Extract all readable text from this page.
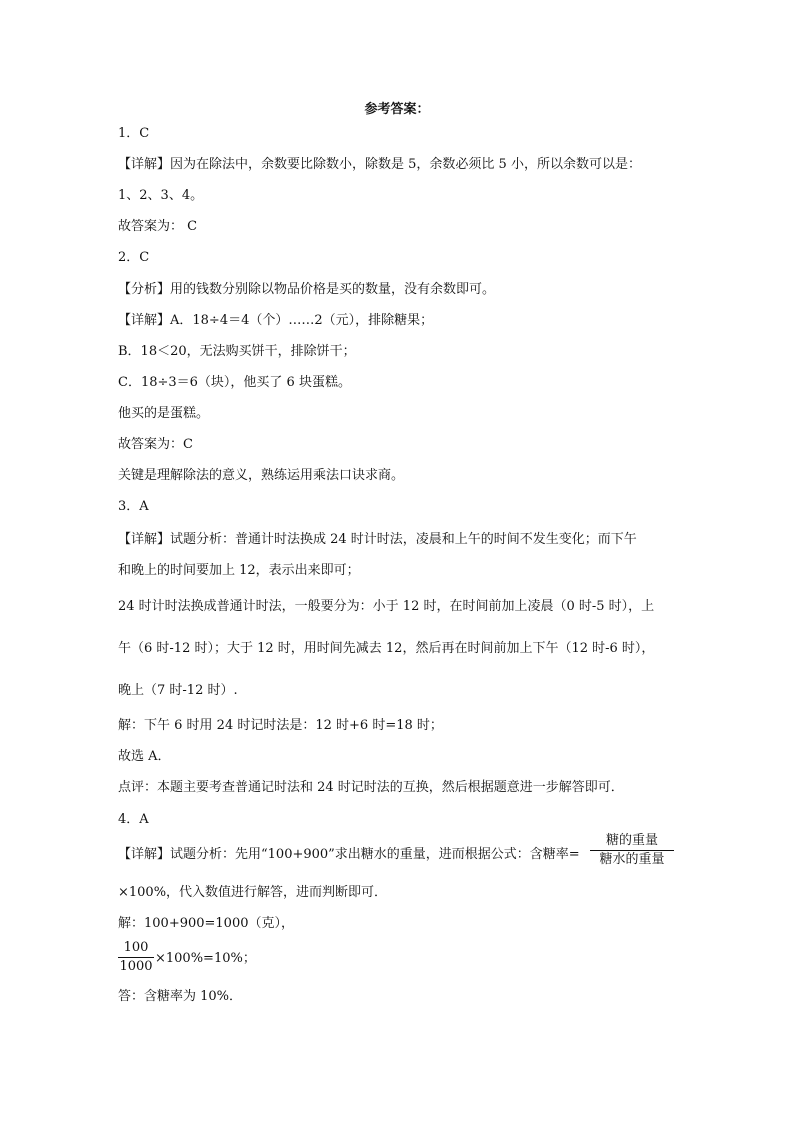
参考答案：
1．C
【详解】因为在除法中，余数要比除数小，除数是 5，余数必须比 5 小，所以余数可以是：
1、2、3、4。
故答案为： C
2．C
【分析】用的钱数分别除以物品价格是买的数量，没有余数即可。
【详解】A．18÷4＝4（个）……2（元），排除糖果；
B．18＜20，无法购买饼干，排除饼干；
C．18÷3＝6（块），他买了 6 块蛋糕。
他买的是蛋糕。
故答案为：C
关键是理解除法的意义，熟练运用乘法口诀求商。
3．A
【详解】试题分析：普通计时法换成 24 时计时法，凌晨和上午的时间不发生变化；而下午
和晚上的时间要加上 12，表示出来即可；
24 时计时法换成普通计时法，一般要分为：小于 12 时，在时间前加上凌晨（0 时-5 时），上
午（6 时-12 时）；大于 12 时，用时间先减去 12，然后再在时间前加上下午（12 时-6 时），
晚上（7 时-12 时）.
解：下午 6 时用 24 时记时法是：12 时+6 时=18 时；
故选 A．
点评：本题主要考查普通记时法和 24 时记时法的互换，然后根据题意进一步解答即可．
4．A
【详解】试题分析：先用“100+900”求出糖水的重量，进而根据公式：含糖率=
糖的重量
糖水的重量
×100%，代入数值进行解答，进而判断即可．
解：100+900=1000（克），
100
1000
×100%=10%；
答：含糖率为 10%．
